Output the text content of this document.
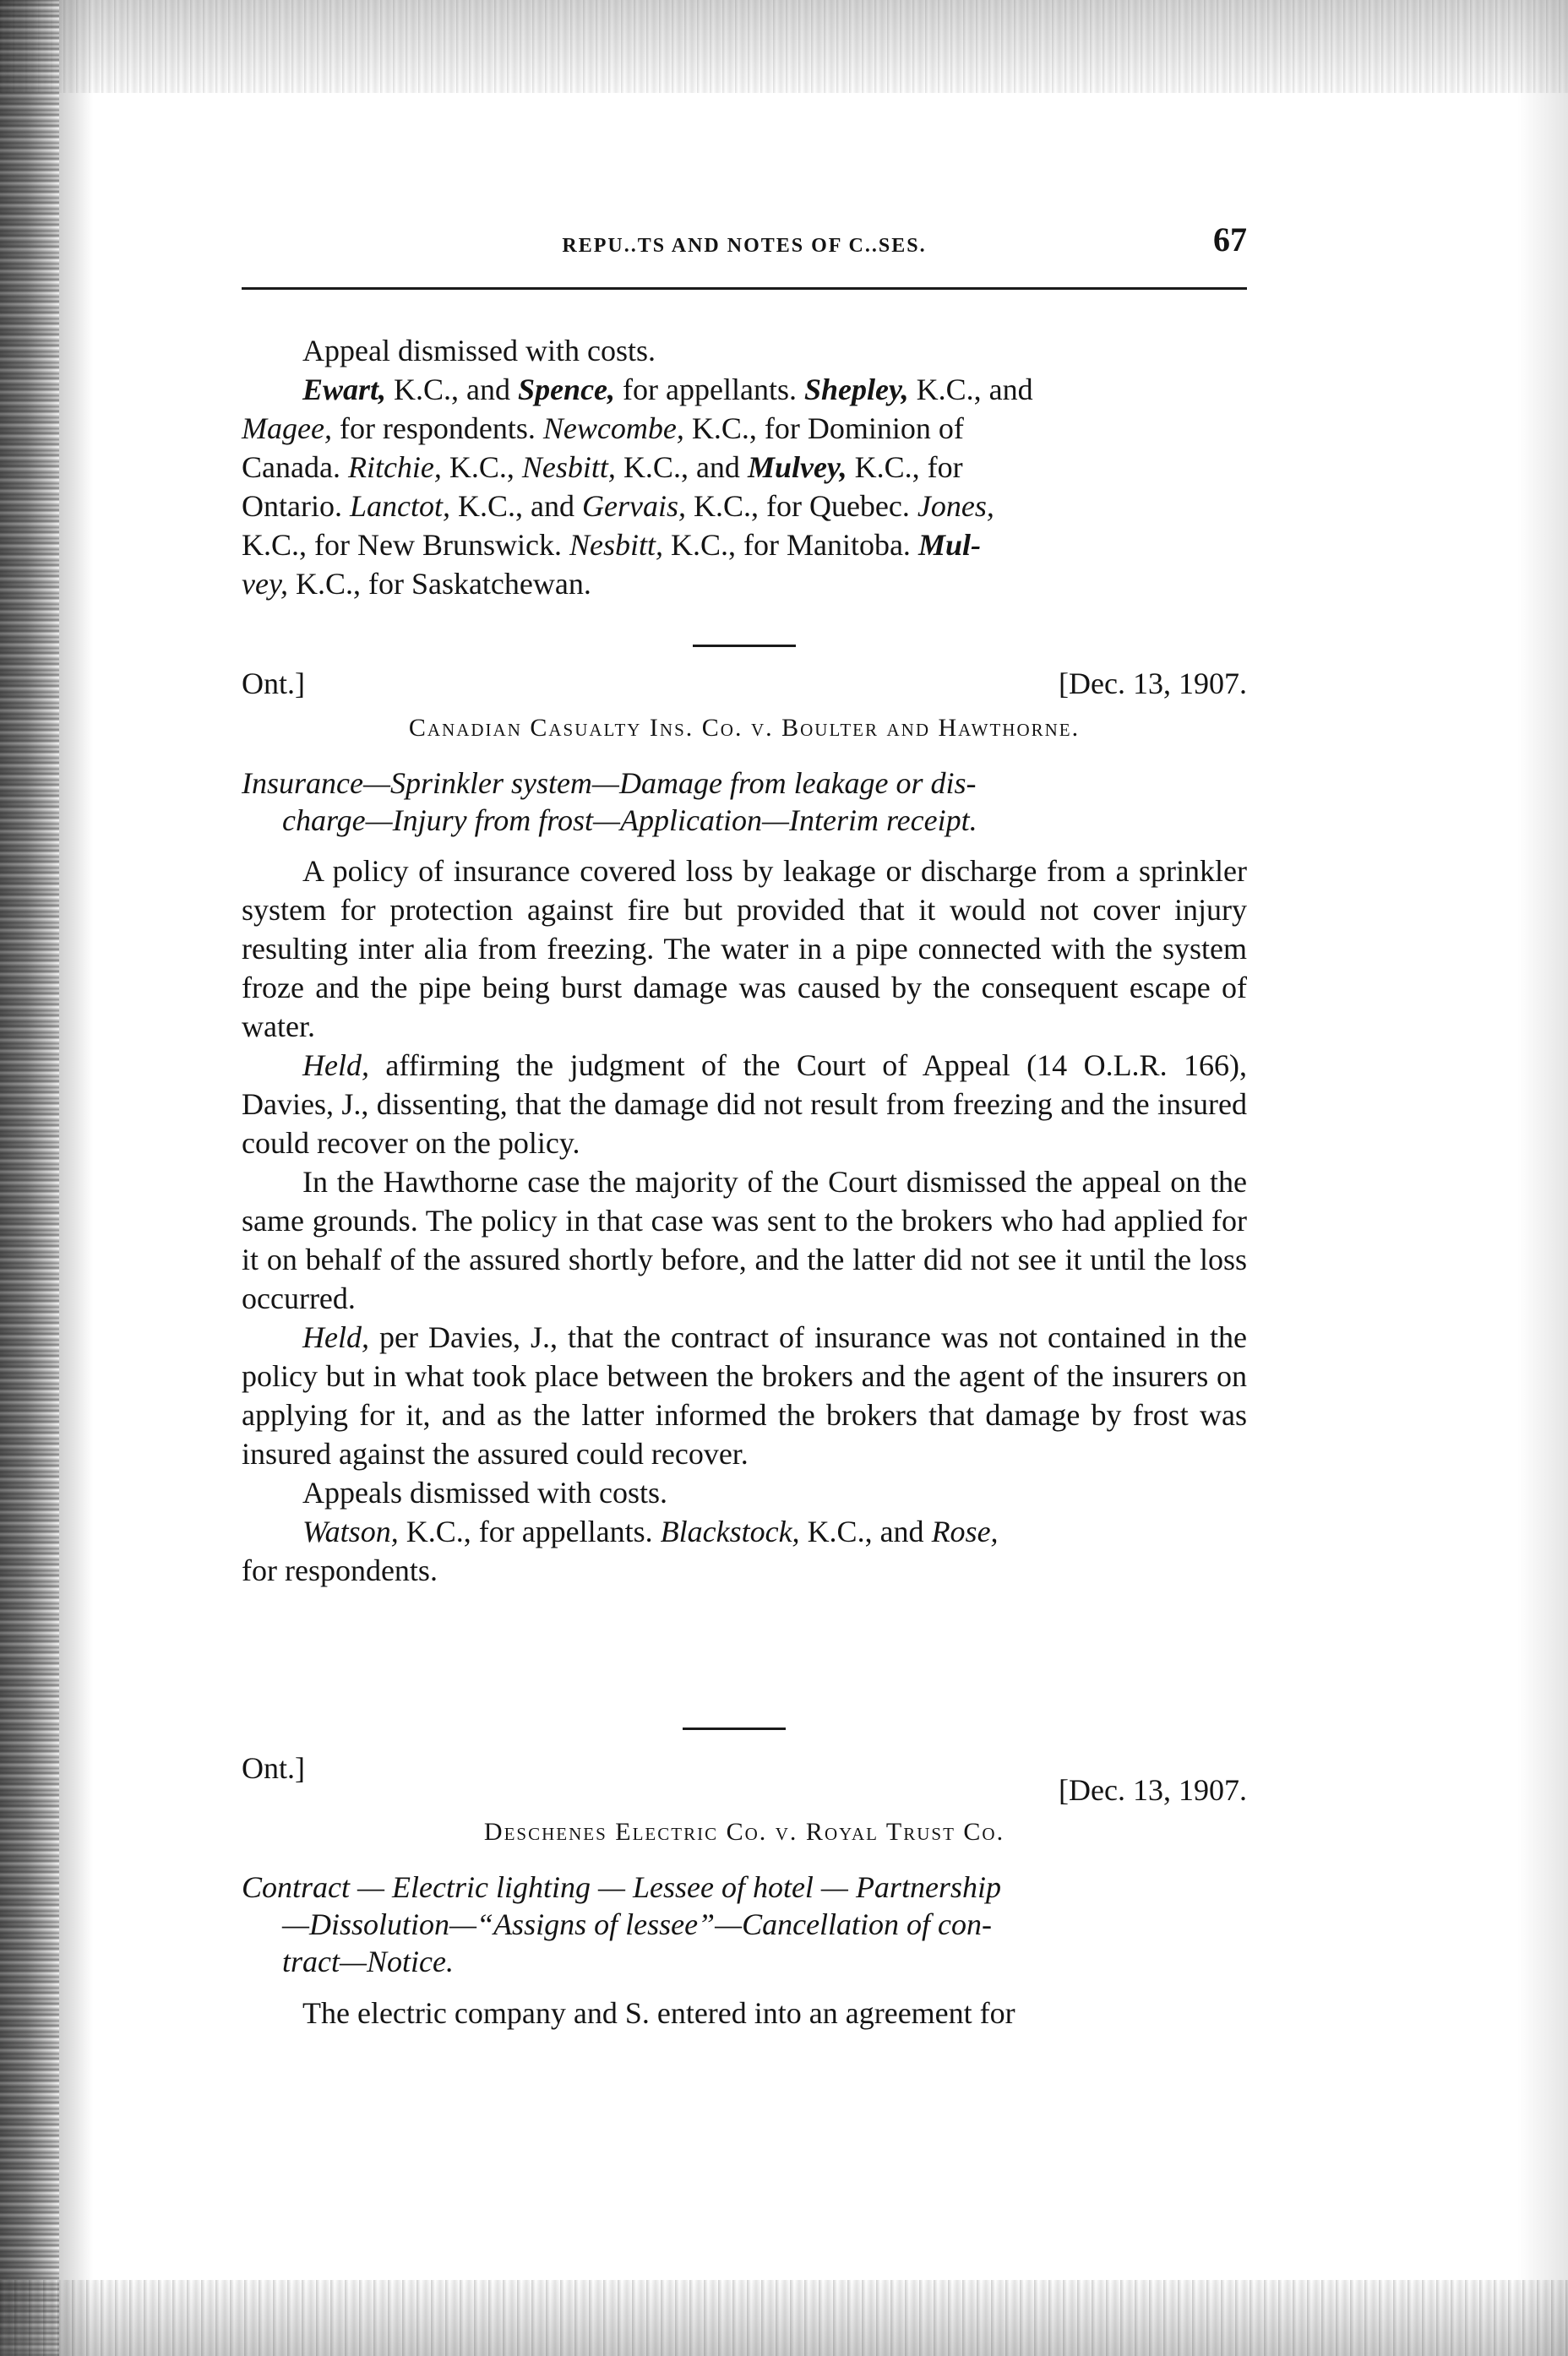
REPU..TS AND NOTES OF C..SES.	67

Appeal dismissed with costs.

Ewart, K.C., and Spence, for appellants. Shepley, K.C., and

Magee, for respondents. Newcombe, K.C., for Dominion of

Canada. Ritchie, K.C., Nesbitt, K.C., and Mulvey, K.C., for

Ontario. Lanctot, K.C., and Gervais, K.C., for Quebec. Jones,

K.C., for New Brunswick. Nesbitt, K.C., for Manitoba. Mul-

vey, K.C., for Saskatchewan.

Ont.]	[Dec. 13, 1907.
Canadian Casualty Ins. Co. v. Boulter and Hawthorne.

Insurance—Sprinkler system—Damage from leakage or dis-

charge—Injury from frost—Application—Interim receipt.

A policy of insurance covered loss by leakage or discharge from a sprinkler system for protection against fire but provided that it would not cover injury resulting inter alia from freezing. The water in a pipe connected with the system froze and the pipe being burst damage was caused by the consequent escape of water.

Held, affirming the judgment of the Court of Appeal (14 O.L.R. 166), Davies, J., dissenting, that the damage did not result from freezing and the insured could recover on the policy.

In the Hawthorne case the majority of the Court dismissed the appeal on the same grounds. The policy in that case was sent to the brokers who had applied for it on behalf of the assured shortly before, and the latter did not see it until the loss occurred.

Held, per Davies, J., that the contract of insurance was not contained in the policy but in what took place between the brokers and the agent of the insurers on applying for it, and as the latter informed the brokers that damage by frost was insured against the assured could recover.

Appeals dismissed with costs.

Watson, K.C., for appellants. Blackstock, K.C., and Rose,

for respondents.

Ont.]
[Dec. 13, 1907.
Deschenes Electric Co. v. Royal Trust Co.

Contract — Electric lighting — Lessee of hotel — Partnership

—Dissolution—“Assigns of lessee”—Cancellation of con-

tract—Notice.

The electric company and S. entered into an agreement for
